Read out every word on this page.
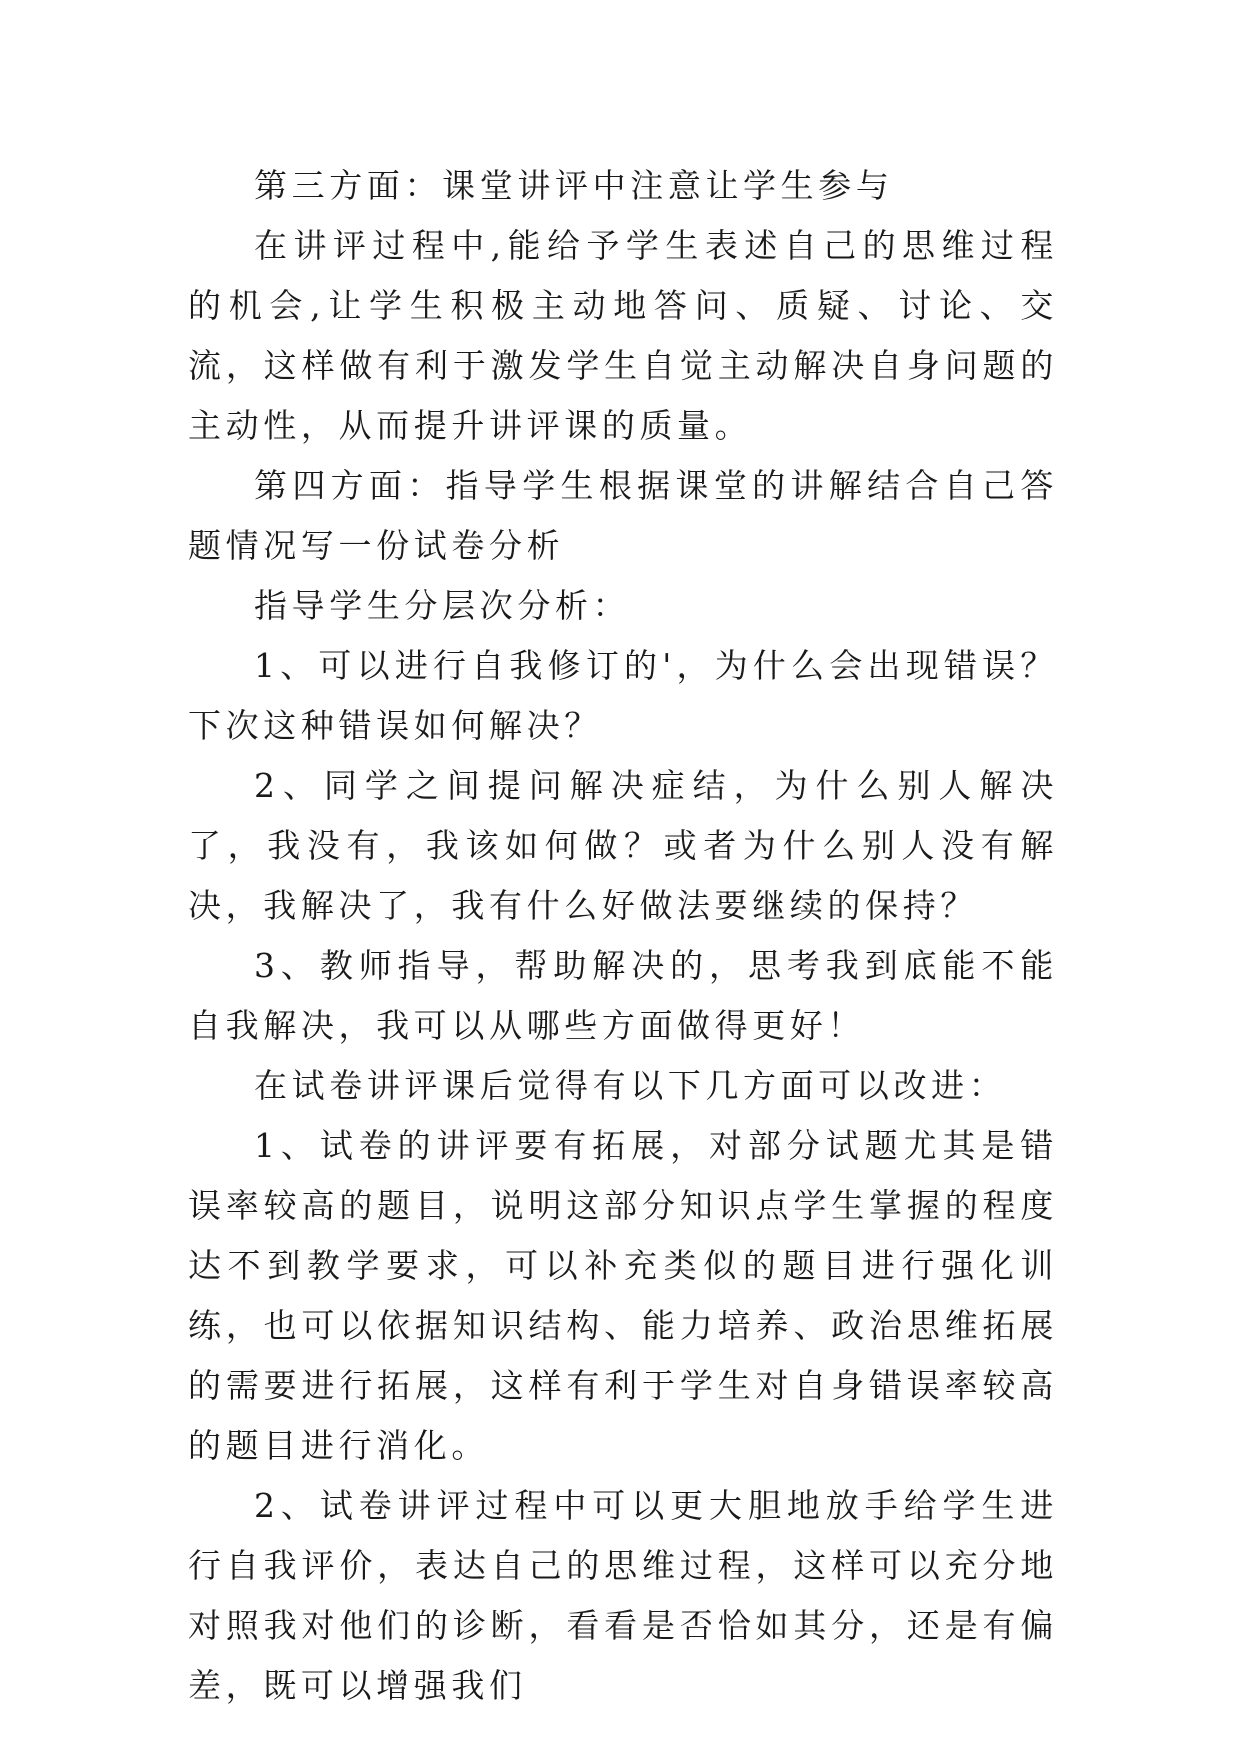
第三方面：课堂讲评中注意让学生参与

在讲评过程中,能给予学生表述自己的思维过程的机会,让学生积极主动地答问、质疑、讨论、交流，这样做有利于激发学生自觉主动解决自身问题的主动性，从而提升讲评课的质量。

第四方面：指导学生根据课堂的讲解结合自己答题情况写一份试卷分析

指导学生分层次分析：

1、可以进行自我修订的'，为什么会出现错误？下次这种错误如何解决？

2、同学之间提问解决症结，为什么别人解决了，我没有，我该如何做？或者为什么别人没有解决，我解决了，我有什么好做法要继续的保持？

3、教师指导，帮助解决的，思考我到底能不能自我解决，我可以从哪些方面做得更好！

在试卷讲评课后觉得有以下几方面可以改进：

1、试卷的讲评要有拓展，对部分试题尤其是错误率较高的题目，说明这部分知识点学生掌握的程度达不到教学要求，可以补充类似的题目进行强化训练，也可以依据知识结构、能力培养、政治思维拓展的需要进行拓展，这样有利于学生对自身错误率较高的题目进行消化。

2、试卷讲评过程中可以更大胆地放手给学生进行自我评价，表达自己的思维过程，这样可以充分地对照我对他们的诊断，看看是否恰如其分，还是有偏差，既可以增强我们
